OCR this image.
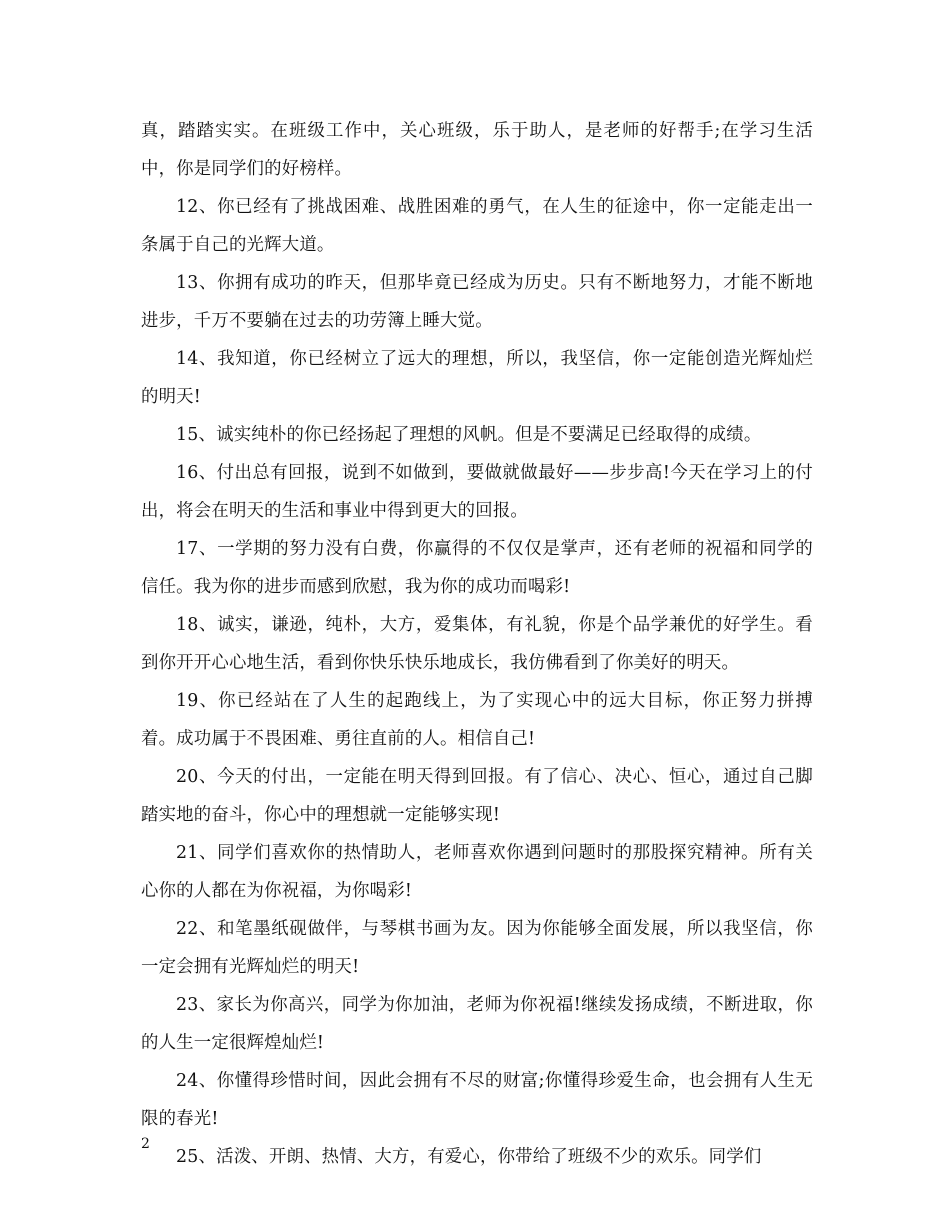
真，踏踏实实。在班级工作中，关心班级，乐于助人，是老师的好帮手;在学习生活中，你是同学们的好榜样。

12、你已经有了挑战困难、战胜困难的勇气，在人生的征途中，你一定能走出一条属于自己的光辉大道。

13、你拥有成功的昨天，但那毕竟已经成为历史。只有不断地努力，才能不断地进步，千万不要躺在过去的功劳簿上睡大觉。

14、我知道，你已经树立了远大的理想，所以，我坚信，你一定能创造光辉灿烂的明天!

15、诚实纯朴的你已经扬起了理想的风帆。但是不要满足已经取得的成绩。

16、付出总有回报，说到不如做到，要做就做最好——步步高!今天在学习上的付出，将会在明天的生活和事业中得到更大的回报。

17、一学期的努力没有白费，你赢得的不仅仅是掌声，还有老师的祝福和同学的信任。我为你的进步而感到欣慰，我为你的成功而喝彩!

18、诚实，谦逊，纯朴，大方，爱集体，有礼貌，你是个品学兼优的好学生。看到你开开心心地生活，看到你快乐快乐地成长，我仿佛看到了你美好的明天。

19、你已经站在了人生的起跑线上，为了实现心中的远大目标，你正努力拼搏着。成功属于不畏困难、勇往直前的人。相信自己!

20、今天的付出，一定能在明天得到回报。有了信心、决心、恒心，通过自己脚踏实地的奋斗，你心中的理想就一定能够实现!

21、同学们喜欢你的热情助人，老师喜欢你遇到问题时的那股探究精神。所有关心你的人都在为你祝福，为你喝彩!

22、和笔墨纸砚做伴，与琴棋书画为友。因为你能够全面发展，所以我坚信，你一定会拥有光辉灿烂的明天!

23、家长为你高兴，同学为你加油，老师为你祝福!继续发扬成绩，不断进取，你的人生一定很辉煌灿烂!

24、你懂得珍惜时间，因此会拥有不尽的财富;你懂得珍爱生命，也会拥有人生无限的春光!

25、活泼、开朗、热情、大方，有爱心，你带给了班级不少的欢乐。同学们

2
